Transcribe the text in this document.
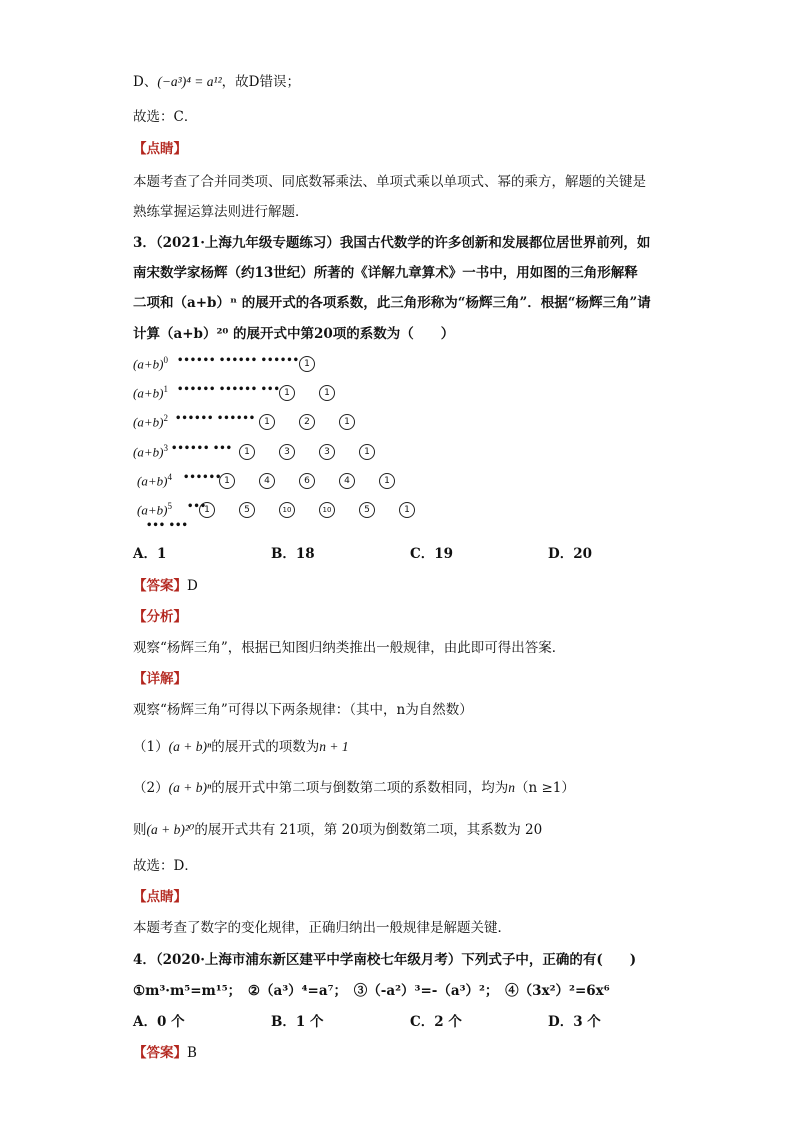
D、(−a³)⁴ = a¹²，故D错误；
故选：C．
【点睛】
本题考查了合并同类项、同底数幂乘法、单项式乘以单项式、幂的乘方，解题的关键是
熟练掌握运算法则进行解题．
3．（2021·上海九年级专题练习）我国古代数学的许多创新和发展都位居世界前列，如
南宋数学家杨辉（约13世纪）所著的《详解九章算术》一书中，用如图的三角形解释
二项和（a+b）ⁿ 的展开式的各项系数，此三角形称为“杨辉三角”．根据“杨辉三角”请
计算（a+b）²⁰ 的展开式中第20项的系数为（　　）
$(a+b)^0$ •••••• •••••• •••••• 1
$(a+b)^1$ •••••• •••••• ••• 1	1
$(a+b)^2$ •••••• •••••• 1	2	1
$(a+b)^3$ •••••• •••	1	3	3	1
$(a+b)^4$ •••••• 1	4	6	4	1
$(a+b)^5$ •••
1	5	10	10	5	1
••• •••
A．1	B．18	C．19	D．20
【答案】D
【分析】
观察“杨辉三角”，根据已知图归纳类推出一般规律，由此即可得出答案．
【详解】
观察“杨辉三角”可得以下两条规律：（其中，n为自然数）
（1）(a + b)ⁿ的展开式的项数为n + 1
（2）(a + b)ⁿ的展开式中第二项与倒数第二项的系数相同，均为n（n ≥1）
则(a + b)²⁰的展开式共有 21项，第 20项为倒数第二项，其系数为 20
故选：D．
【点睛】
本题考查了数字的变化规律，正确归纳出一般规律是解题关键．
4．（2020·上海市浦东新区建平中学南校七年级月考）下列式子中，正确的有(　　)
①m³·m⁵=m¹⁵；　②（a³）⁴=a⁷；　③（-a²）³=-（a³）²；　④（3x²）²=6x⁶
A．0 个	B．1 个	C．2 个	D．3 个
【答案】B
